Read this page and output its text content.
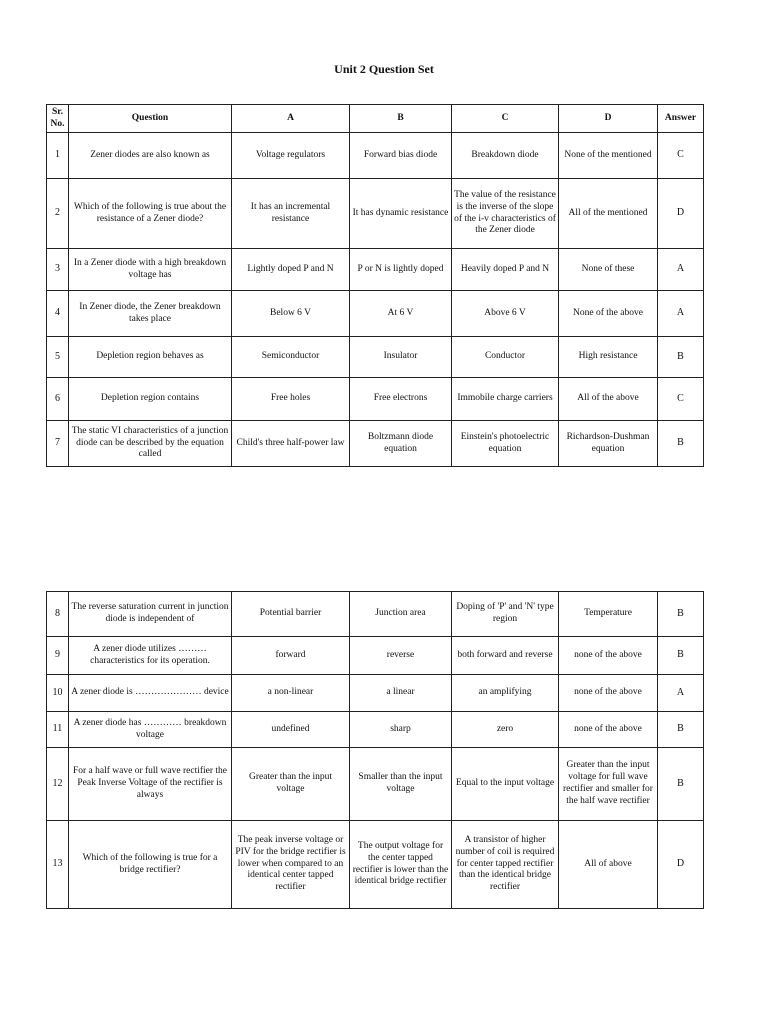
Unit 2 Question Set
Sr. No.	Question	A	B	C	D	Answer
1	Zener diodes are also known as	Voltage regulators	Forward bias diode	Breakdown diode	None of the mentioned	C
2	Which of the following is true about the resistance of a Zener diode?	It has an incremental resistance	It has dynamic resistance	The value of the resistance is the inverse of the slope of the i-v characteristics of the Zener diode	All of the mentioned	D
3	In a Zener diode with a high breakdown voltage has	Lightly doped P and N	P or N is lightly doped	Heavily doped P and N	None of these	A
4	In Zener diode, the Zener breakdown takes place	Below 6 V	At 6 V	Above 6 V	None of the above	A
5	Depletion region behaves as	Semiconductor	Insulator	Conductor	High resistance	B
6	Depletion region contains	Free holes	Free electrons	Immobile charge carriers	All of the above	C
7	The static VI characteristics of a junction diode can be described by the equation called	Child's three half-power law	Boltzmann diode equation	Einstein's photoelectric equation	Richardson-Dushman equation	B
8	The reverse saturation current in junction diode is independent of	Potential barrier	Junction area	Doping of 'P' and 'N' type region	Temperature	B
9	A zener diode utilizes ……… characteristics for its operation.	forward	reverse	both forward and reverse	none of the above	B
10	A zener diode is ………………… device	a non-linear	a linear	an amplifying	none of the above	A
11	A zener diode has ………… breakdown voltage	undefined	sharp	zero	none of the above	B
12	For a half wave or full wave rectifier the Peak Inverse Voltage of the rectifier is always	Greater than the input voltage	Smaller than the input voltage	Equal to the input voltage	Greater than the input voltage for full wave rectifier and smaller for the half wave rectifier	B
13	Which of the following is true for a bridge rectifier?	The peak inverse voltage or PIV for the bridge rectifier is lower when compared to an identical center tapped rectifier	The output voltage for the center tapped rectifier is lower than the identical bridge rectifier	A transistor of higher number of coil is required for center tapped rectifier than the identical bridge rectifier	All of above	D
